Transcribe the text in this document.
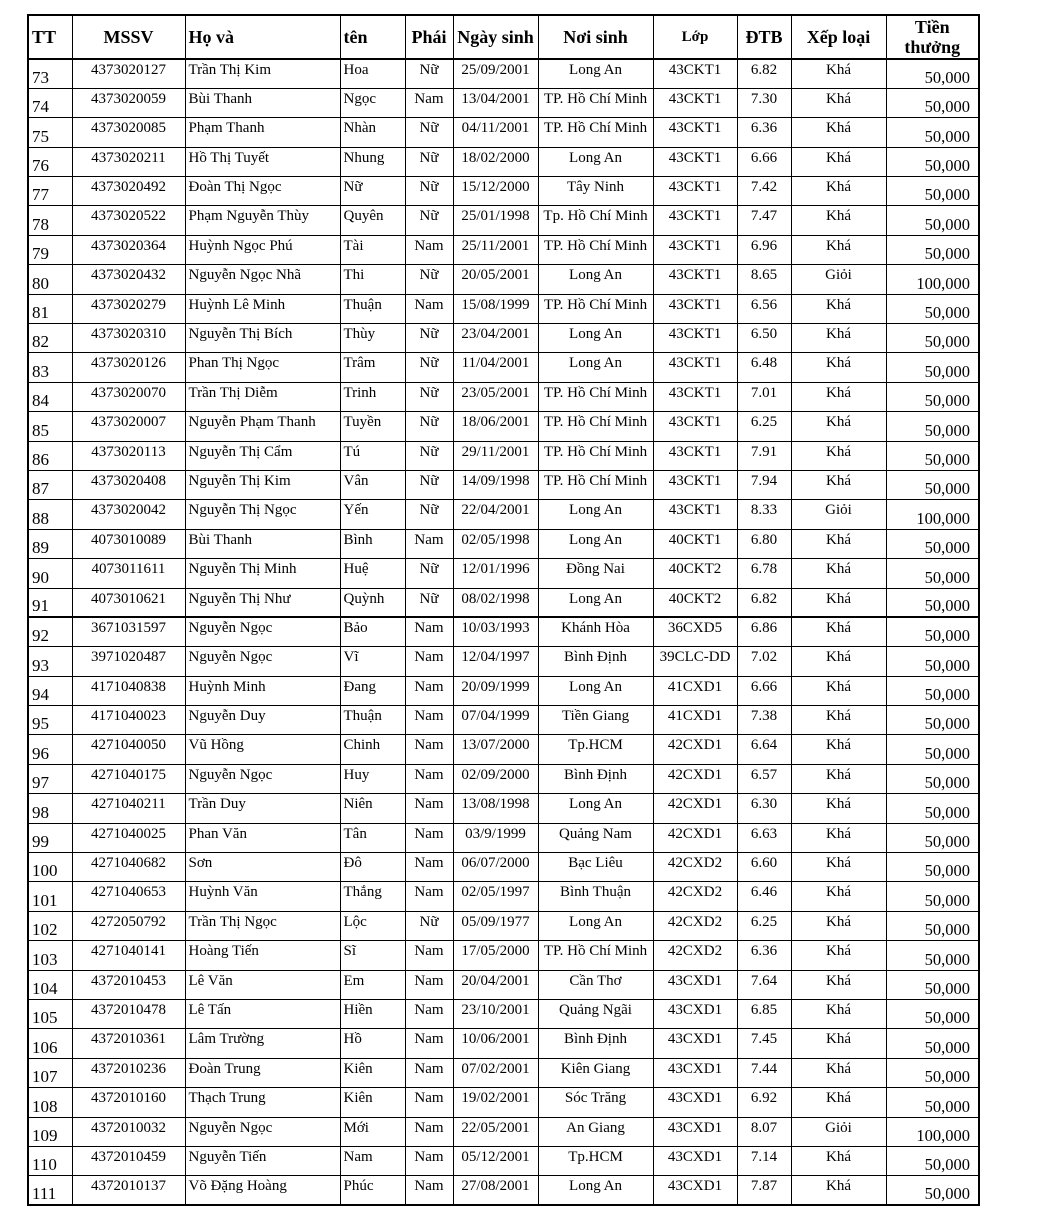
TT	MSSV	Họ và	tên	Phái	Ngày sinh	Nơi sinh	Lớp	ĐTB	Xếp loại	Tiền thưởng
73	4373020127	Trần Thị Kim	Hoa	Nữ	25/09/2001	Long An	43CKT1	6.82	Khá	50,000
74	4373020059	Bùi Thanh	Ngọc	Nam	13/04/2001	TP. Hồ Chí Minh	43CKT1	7.30	Khá	50,000
75	4373020085	Phạm Thanh	Nhàn	Nữ	04/11/2001	TP. Hồ Chí Minh	43CKT1	6.36	Khá	50,000
76	4373020211	Hồ Thị Tuyết	Nhung	Nữ	18/02/2000	Long An	43CKT1	6.66	Khá	50,000
77	4373020492	Đoàn Thị Ngọc	Nữ	Nữ	15/12/2000	Tây Ninh	43CKT1	7.42	Khá	50,000
78	4373020522	Phạm Nguyễn Thùy	Quyên	Nữ	25/01/1998	Tp. Hồ Chí Minh	43CKT1	7.47	Khá	50,000
79	4373020364	Huỳnh Ngọc Phú	Tài	Nam	25/11/2001	TP. Hồ Chí Minh	43CKT1	6.96	Khá	50,000
80	4373020432	Nguyễn Ngọc Nhã	Thi	Nữ	20/05/2001	Long An	43CKT1	8.65	Giỏi	100,000
81	4373020279	Huỳnh Lê Minh	Thuận	Nam	15/08/1999	TP. Hồ Chí Minh	43CKT1	6.56	Khá	50,000
82	4373020310	Nguyễn Thị Bích	Thùy	Nữ	23/04/2001	Long An	43CKT1	6.50	Khá	50,000
83	4373020126	Phan Thị Ngọc	Trâm	Nữ	11/04/2001	Long An	43CKT1	6.48	Khá	50,000
84	4373020070	Trần Thị Diễm	Trinh	Nữ	23/05/2001	TP. Hồ Chí Minh	43CKT1	7.01	Khá	50,000
85	4373020007	Nguyễn Phạm Thanh	Tuyền	Nữ	18/06/2001	TP. Hồ Chí Minh	43CKT1	6.25	Khá	50,000
86	4373020113	Nguyễn Thị Cẩm	Tú	Nữ	29/11/2001	TP. Hồ Chí Minh	43CKT1	7.91	Khá	50,000
87	4373020408	Nguyễn Thị Kim	Vân	Nữ	14/09/1998	TP. Hồ Chí Minh	43CKT1	7.94	Khá	50,000
88	4373020042	Nguyễn Thị Ngọc	Yến	Nữ	22/04/2001	Long An	43CKT1	8.33	Giỏi	100,000
89	4073010089	Bùi Thanh	Bình	Nam	02/05/1998	Long An	40CKT1	6.80	Khá	50,000
90	4073011611	Nguyễn Thị Minh	Huệ	Nữ	12/01/1996	Đồng Nai	40CKT2	6.78	Khá	50,000
91	4073010621	Nguyễn Thị Như	Quỳnh	Nữ	08/02/1998	Long An	40CKT2	6.82	Khá	50,000
92	3671031597	Nguyễn Ngọc	Bảo	Nam	10/03/1993	Khánh Hòa	36CXD5	6.86	Khá	50,000
93	3971020487	Nguyễn Ngọc	Vĩ	Nam	12/04/1997	Bình Định	39CLC-DD	7.02	Khá	50,000
94	4171040838	Huỳnh Minh	Đang	Nam	20/09/1999	Long An	41CXD1	6.66	Khá	50,000
95	4171040023	Nguyễn Duy	Thuận	Nam	07/04/1999	Tiền Giang	41CXD1	7.38	Khá	50,000
96	4271040050	Vũ Hồng	Chinh	Nam	13/07/2000	Tp.HCM	42CXD1	6.64	Khá	50,000
97	4271040175	Nguyễn Ngọc	Huy	Nam	02/09/2000	Bình Định	42CXD1	6.57	Khá	50,000
98	4271040211	Trần Duy	Niên	Nam	13/08/1998	Long An	42CXD1	6.30	Khá	50,000
99	4271040025	Phan Văn	Tân	Nam	03/9/1999	Quảng Nam	42CXD1	6.63	Khá	50,000
100	4271040682	Sơn	Đô	Nam	06/07/2000	Bạc Liêu	42CXD2	6.60	Khá	50,000
101	4271040653	Huỳnh Văn	Thắng	Nam	02/05/1997	Bình Thuận	42CXD2	6.46	Khá	50,000
102	4272050792	Trần Thị Ngọc	Lộc	Nữ	05/09/1977	Long An	42CXD2	6.25	Khá	50,000
103	4271040141	Hoàng Tiến	Sĩ	Nam	17/05/2000	TP. Hồ Chí Minh	42CXD2	6.36	Khá	50,000
104	4372010453	Lê Văn	Em	Nam	20/04/2001	Cần Thơ	43CXD1	7.64	Khá	50,000
105	4372010478	Lê Tấn	Hiền	Nam	23/10/2001	Quảng Ngãi	43CXD1	6.85	Khá	50,000
106	4372010361	Lâm Trường	Hồ	Nam	10/06/2001	Bình Định	43CXD1	7.45	Khá	50,000
107	4372010236	Đoàn Trung	Kiên	Nam	07/02/2001	Kiên Giang	43CXD1	7.44	Khá	50,000
108	4372010160	Thạch Trung	Kiên	Nam	19/02/2001	Sóc Trăng	43CXD1	6.92	Khá	50,000
109	4372010032	Nguyễn Ngọc	Mới	Nam	22/05/2001	An Giang	43CXD1	8.07	Giỏi	100,000
110	4372010459	Nguyễn Tiến	Nam	Nam	05/12/2001	Tp.HCM	43CXD1	7.14	Khá	50,000
111	4372010137	Võ Đặng Hoàng	Phúc	Nam	27/08/2001	Long An	43CXD1	7.87	Khá	50,000
